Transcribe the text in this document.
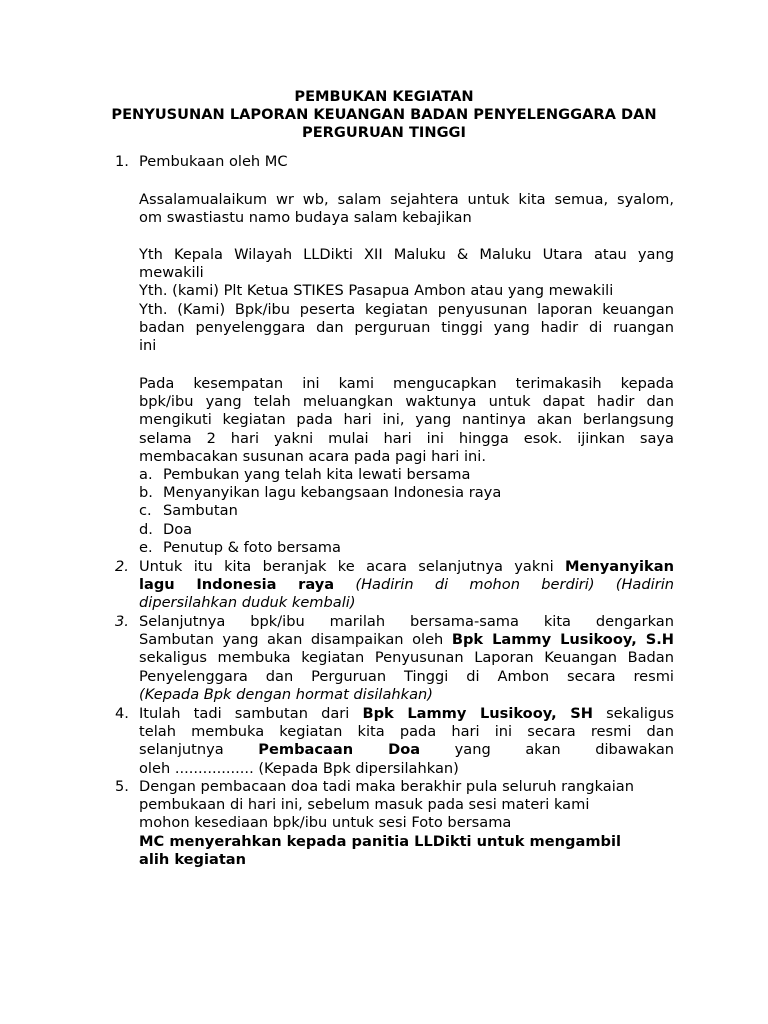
PEMBUKAN KEGIATAN
PENYUSUNAN LAPORAN KEUANGAN BADAN PENYELENGGARA DAN
PERGURUAN TINGGI
1. Pembukaan oleh MC
Assalamualaikum wr wb, salam sejahtera untuk kita semua, syalom,
om swastiastu namo budaya salam kebajikan
Yth Kepala Wilayah LLDikti XII Maluku & Maluku Utara atau yang
mewakili
Yth. (kami) Plt Ketua STIKES Pasapua Ambon atau yang mewakili
Yth. (Kami) Bpk/ibu peserta kegiatan penyusunan laporan keuangan
badan penyelenggara dan perguruan tinggi yang hadir di ruangan
ini
Pada kesempatan ini kami mengucapkan terimakasih kepada
bpk/ibu yang telah meluangkan waktunya untuk dapat hadir dan
mengikuti kegiatan pada hari ini, yang nantinya akan berlangsung
selama 2 hari yakni mulai hari ini hingga esok. ijinkan saya
membacakan susunan acara pada pagi hari ini.
a. Pembukan yang telah kita lewati bersama
b. Menyanyikan lagu kebangsaan Indonesia raya
c. Sambutan
d. Doa
e. Penutup & foto bersama
2. Untuk itu kita beranjak ke acara selanjutnya yakni Menyanyikan
lagu Indonesia raya (Hadirin di mohon berdiri) (Hadirin
dipersilahkan duduk kembali)
3. Selanjutnya bpk/ibu marilah bersama-sama kita dengarkan
Sambutan yang akan disampaikan oleh Bpk Lammy Lusikooy, S.H
sekaligus membuka kegiatan Penyusunan Laporan Keuangan Badan
Penyelenggara dan Perguruan Tinggi di Ambon secara resmi
(Kepada Bpk dengan hormat disilahkan)
4. Itulah tadi sambutan dari Bpk Lammy Lusikooy, SH sekaligus
telah membuka kegiatan kita pada hari ini secara resmi dan
selanjutnya Pembacaan Doa yang akan dibawakan
oleh ................. (Kepada Bpk dipersilahkan)
5. Dengan pembacaan doa tadi maka berakhir pula seluruh rangkaian
pembukaan di hari ini, sebelum masuk pada sesi materi kami
mohon kesediaan bpk/ibu untuk sesi Foto bersama
MC menyerahkan kepada panitia LLDikti untuk mengambil
alih kegiatan
